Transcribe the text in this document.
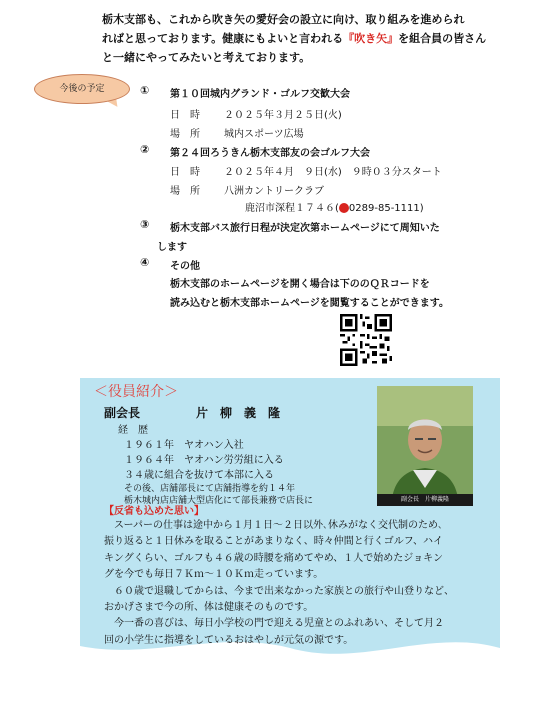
栃木支部も、これから吹き矢の愛好会の設立に向け、取り組みを進められ
ればと思っております。健康にもよいと言われる『吹き矢』を組合員の皆さん
と一緒にやってみたいと考えております。
今後の予定	① 第１０回城内グランド・ゴルフ交歓大会
日　時 ２０２５年３月２５日(火)
場　所 城内スポーツ広場
② 第２４回ろうきん栃木支部友の会ゴルフ大会
日　時 ２０２５年４月　９日(水)　９時０３分スタート
場　所 八洲カントリークラブ
鹿沼市深程１７４６( 0289-85-1111)
③ 栃木支部バス旅行日程が決定次第ホームページにて周知いた
します
④ その他
栃木支部のホームページを開く場合は下ののＱＲコードを
読み込むと栃木支部ホームページを閲覧することができます。
＜役員紹介＞
副会長	片　柳　義　隆
経　歴
１９６１年　ヤオハン入社
１９６４年　ヤオハン労労組に入る
３４歳に組合を抜けて本部に入る
その後、店舗部長にて店舗指導を約１４年
栃木城内店店舗大型店化にて部長兼務で店長に	副会長　片柳義隆
【反省も込めた思い】
　スーパーの仕事は途中から１月１日～２日以外､休みがなく交代制のため､
振り返ると１日休みを取ることがあまりなく、時々仲間と行くゴルフ、ハイ
キングくらい、ゴルフも４６歳の時腰を痛めてやめ、１人で始めたジョキン
グを今でも毎日７Ｋｍ～１０Ｋｍ走っています。
　６０歳で退職してからは、今まで出来なかった家族との旅行や山登りなど、
おかげさまで今の所、体は健康そのものです。
　今一番の喜びは、毎日小学校の門で迎える児童とのふれあい、そして月２
回の小学生に指導をしているおはやしが元気の源です。
